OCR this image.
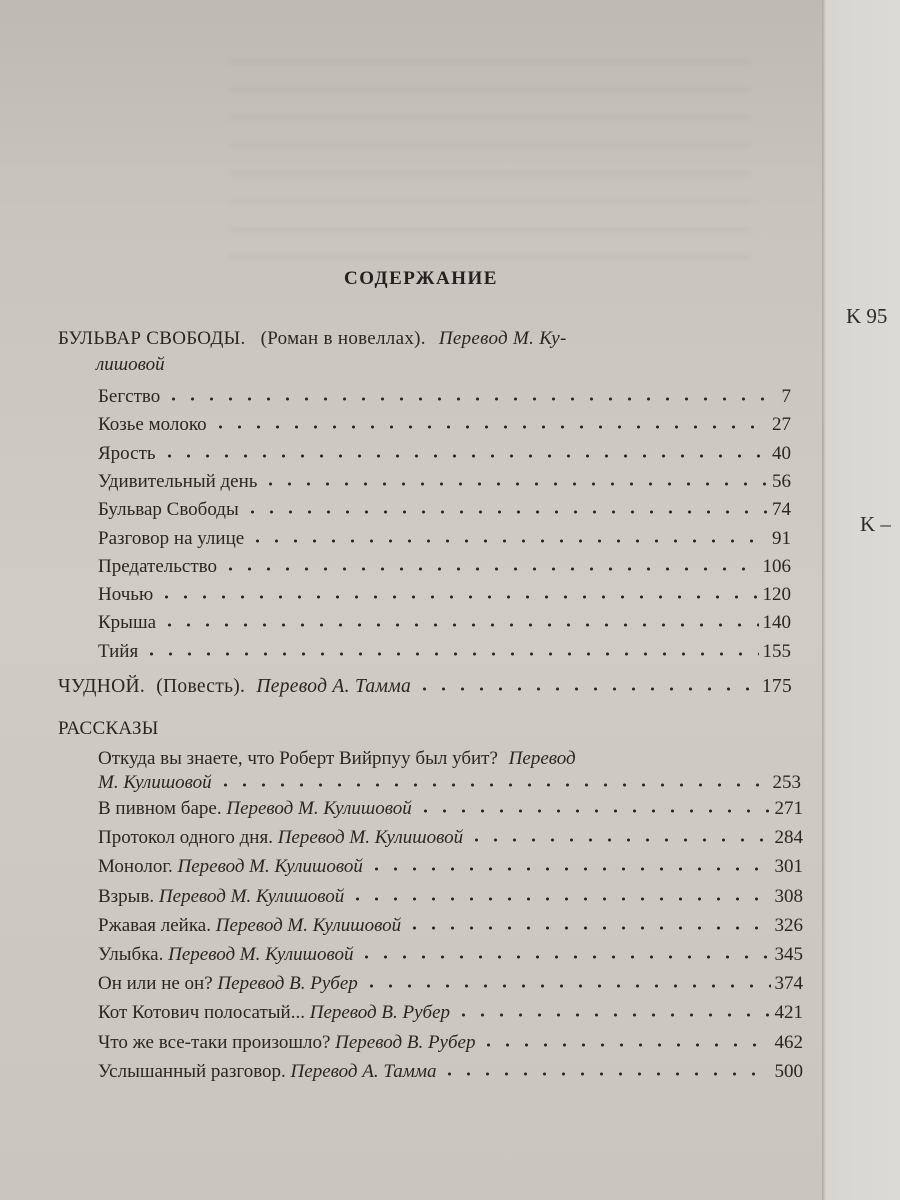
K 95
K –
СОДЕРЖАНИЕ
БУЛЬВАР СВОБОДЫ. (Роман в новеллах). Перевод М. Ку-
лишовой
Бегство	7
Козье молоко	27
Ярость	40
Удивительный день	56
Бульвар Свободы	74
Разговор на улице	91
Предательство	106
Ночью	120
Крыша	140
Тийя	155
ЧУДНОЙ. (Повесть). Перевод А. Тамма	175
РАССКАЗЫ
Откуда вы знаете, что Роберт Вийрпуу был убит? Перевод
М. Кулишовой	253
В пивном баре. Перевод М. Кулишовой	271
Протокол одного дня. Перевод М. Кулишовой	284
Монолог. Перевод М. Кулишовой	301
Взрыв. Перевод М. Кулишовой	308
Ржавая лейка. Перевод М. Кулишовой	326
Улыбка. Перевод М. Кулишовой	345
Он или не он? Перевод В. Рубер	374
Кот Котович полосатый... Перевод В. Рубер	421
Что же все-таки произошло? Перевод В. Рубер	462
Услышанный разговор. Перевод А. Тамма	500
